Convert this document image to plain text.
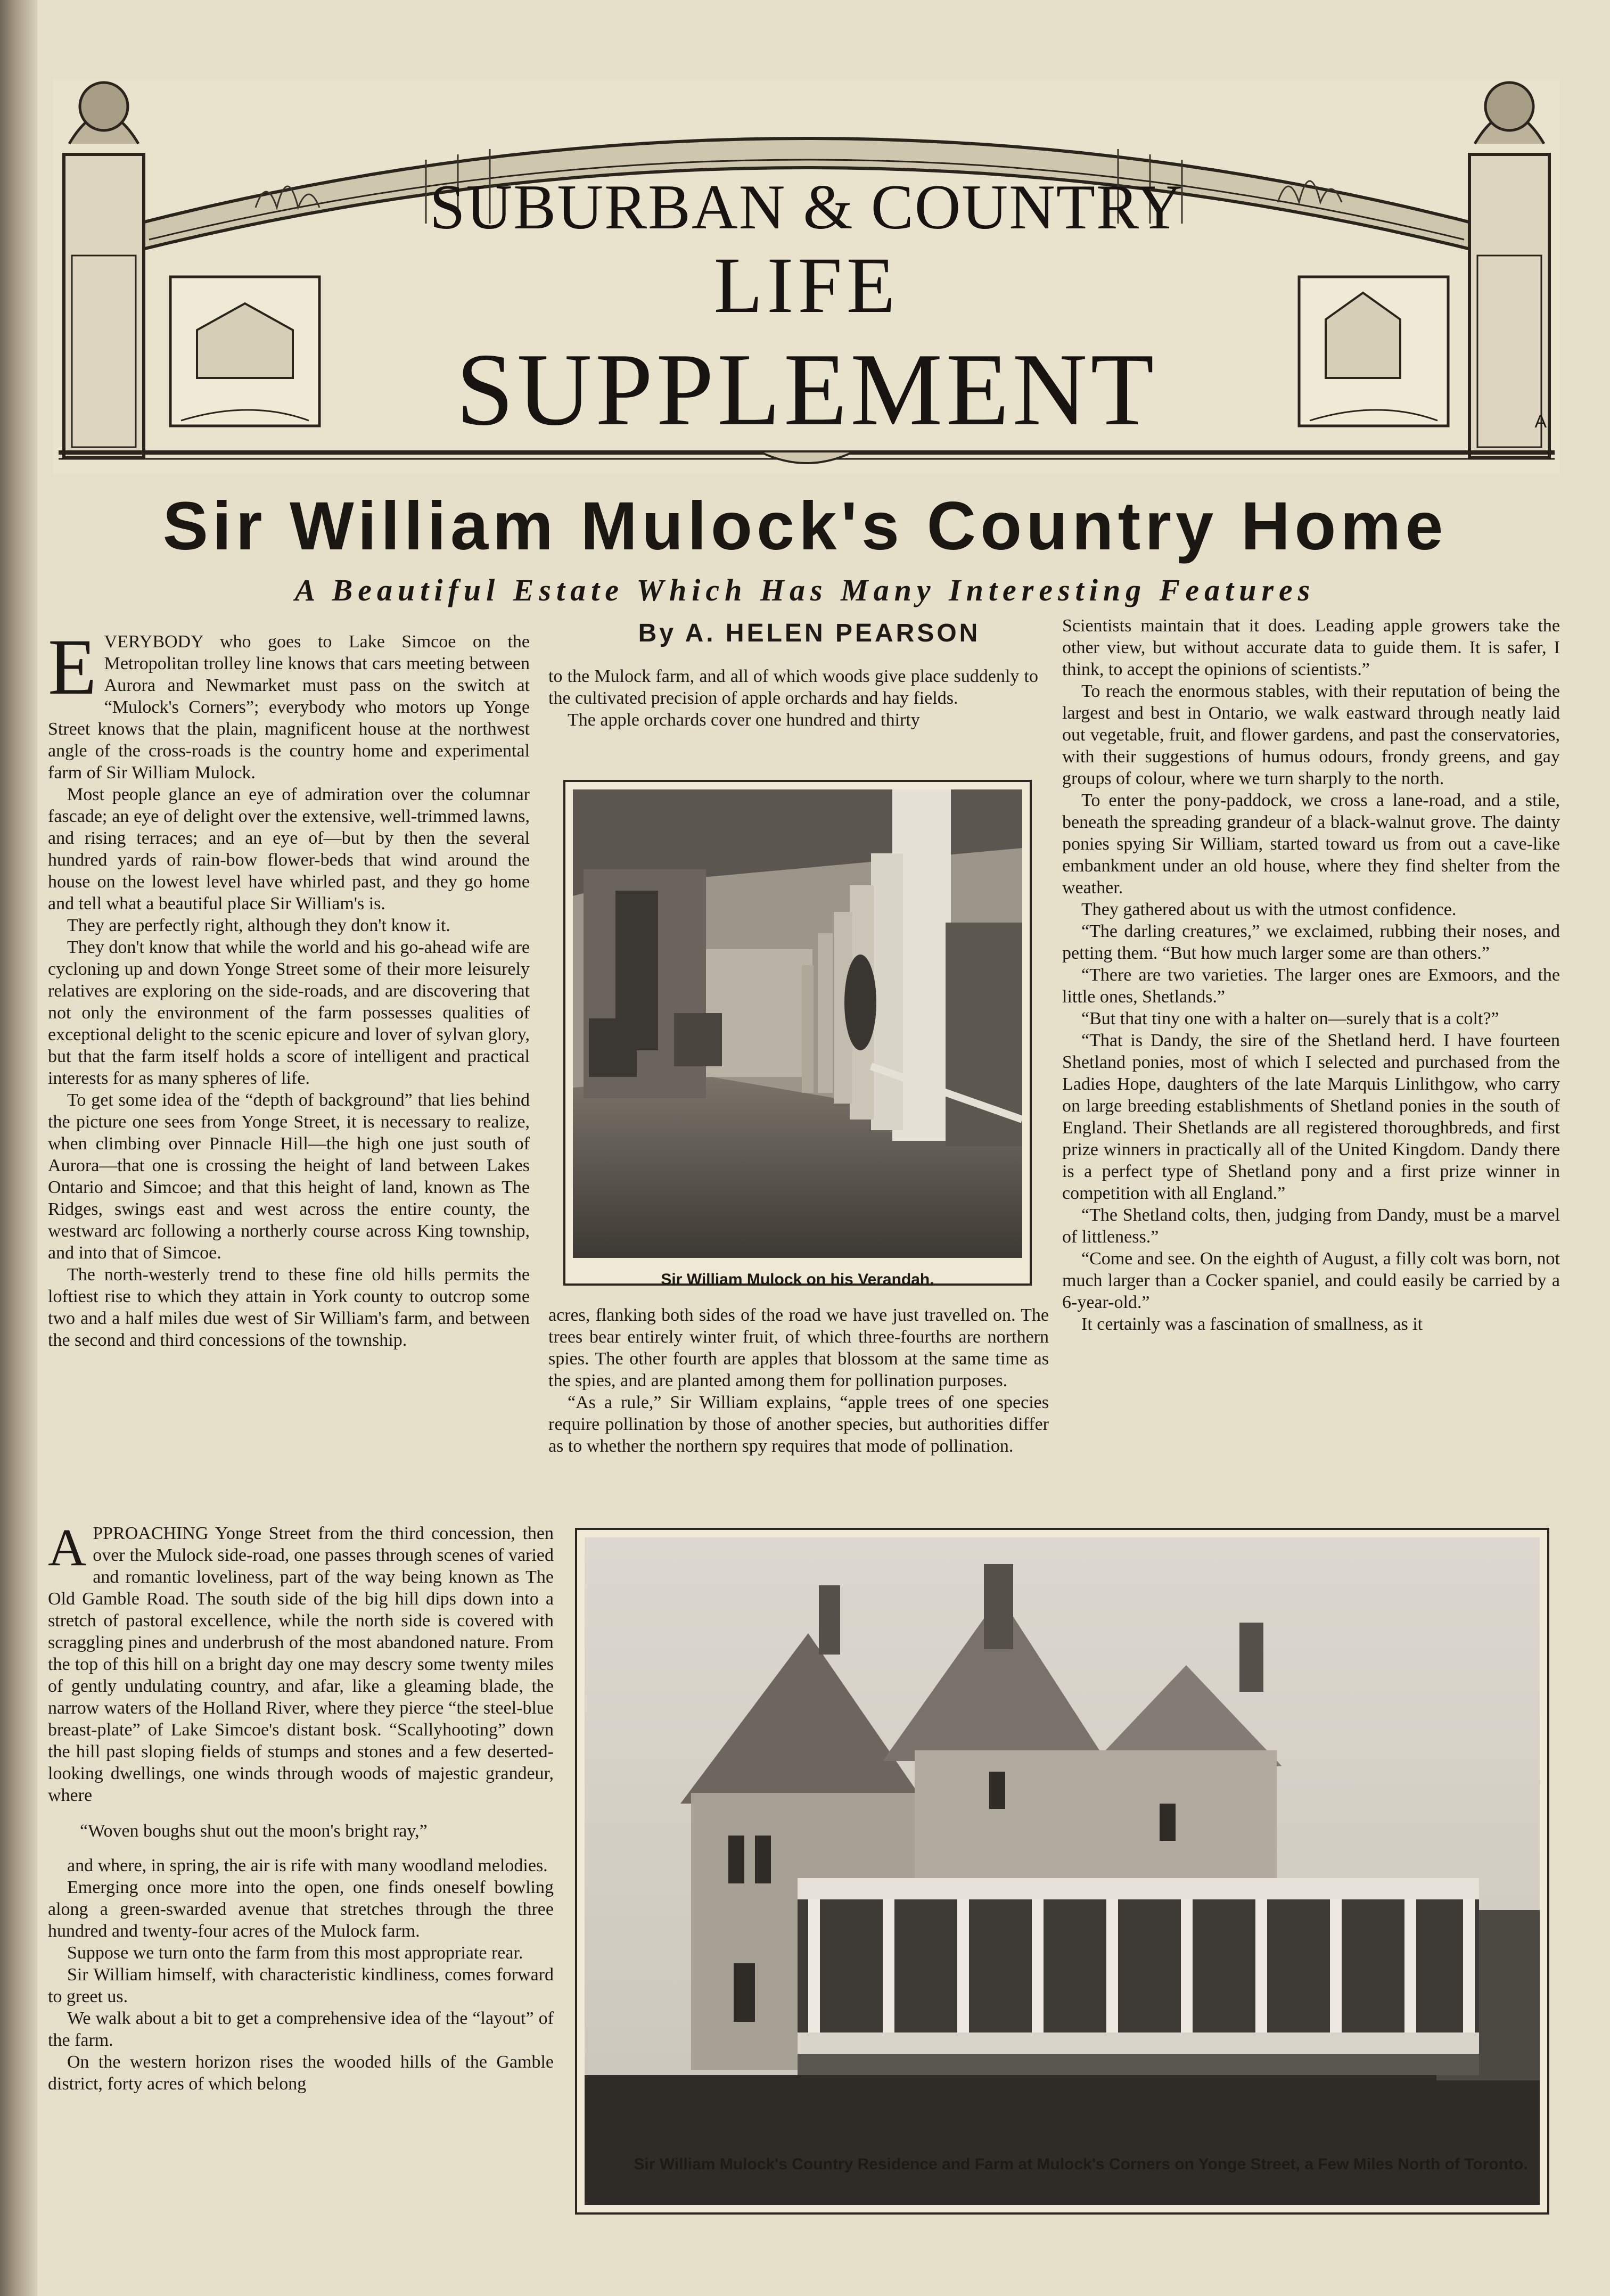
SUBURBAN & COUNTRY
LIFE
SUPPLEMENT	A
Sir William Mulock's Country Home
A Beautiful Estate Which Has Many Interesting Features
By A. HELEN PEARSON

EVERYBODY who goes to Lake Simcoe on the Metropolitan trolley line knows that cars meeting between Aurora and Newmarket must pass on the switch at “Mulock's Corners”; everybody who motors up Yonge Street knows that the plain, magnificent house at the northwest angle of the cross-roads is the country home and experimental farm of Sir William Mulock.

Most people glance an eye of admiration over the columnar fascade; an eye of delight over the extensive, well-trimmed lawns, and rising terraces; and an eye of—but by then the several hundred yards of rain-bow flower-beds that wind around the house on the lowest level have whirled past, and they go home and tell what a beautiful place Sir William's is.

They are perfectly right, although they don't know it.

They don't know that while the world and his go-ahead wife are cycloning up and down Yonge Street some of their more leisurely relatives are exploring on the side-roads, and are discovering that not only the environment of the farm possesses qualities of exceptional delight to the scenic epicure and lover of sylvan glory, but that the farm itself holds a score of intelligent and practical interests for as many spheres of life.

To get some idea of the “depth of background” that lies behind the picture one sees from Yonge Street, it is necessary to realize, when climbing over Pinnacle Hill—the high one just south of Aurora—that one is crossing the height of land between Lakes Ontario and Simcoe; and that this height of land, known as The Ridges, swings east and west across the entire county, the westward arc following a northerly course across King township, and into that of Simcoe.

The north-westerly trend to these fine old hills permits the loftiest rise to which they attain in York county to outcrop some two and a half miles due west of Sir William's farm, and between the second and third concessions of the township.

APPROACHING Yonge Street from the third concession, then over the Mulock side-road, one passes through scenes of varied and romantic loveliness, part of the way being known as The Old Gamble Road. The south side of the big hill dips down into a stretch of pastoral excellence, while the north side is covered with scraggling pines and underbrush of the most abandoned nature. From the top of this hill on a bright day one may descry some twenty miles of gently undulating country, and afar, like a gleaming blade, the narrow waters of the Holland River, where they pierce “the steel-blue breast-plate” of Lake Simcoe's distant bosk. “Scallyhooting” down the hill past sloping fields of stumps and stones and a few deserted-looking dwellings, one winds through woods of majestic grandeur, where

“Woven boughs shut out the moon's bright ray,”

and where, in spring, the air is rife with many woodland melodies.

Emerging once more into the open, one finds oneself bowling along a green-swarded avenue that stretches through the three hundred and twenty-four acres of the Mulock farm.

Suppose we turn onto the farm from this most appropriate rear.

Sir William himself, with characteristic kindliness, comes forward to greet us.

We walk about a bit to get a comprehensive idea of the “layout” of the farm.

On the western horizon rises the wooded hills of the Gamble district, forty acres of which belong

to the Mulock farm, and all of which woods give place suddenly to the cultivated precision of apple orchards and hay fields.

The apple orchards cover one hundred and thirty

Sir William Mulock on his Verandah.

acres, flanking both sides of the road we have just travelled on. The trees bear entirely winter fruit, of which three-fourths are northern spies. The other fourth are apples that blossom at the same time as the spies, and are planted among them for pollination purposes.

“As a rule,” Sir William explains, “apple trees of one species require pollination by those of another species, but authorities differ as to whether the northern spy requires that mode of pollination.

Scientists maintain that it does. Leading apple growers take the other view, but without accurate data to guide them. It is safer, I think, to accept the opinions of scientists.”

To reach the enormous stables, with their reputation of being the largest and best in Ontario, we walk eastward through neatly laid out vegetable, fruit, and flower gardens, and past the conservatories, with their suggestions of humus odours, frondy greens, and gay groups of colour, where we turn sharply to the north.

To enter the pony-paddock, we cross a lane-road, and a stile, beneath the spreading grandeur of a black-walnut grove. The dainty ponies spying Sir William, started toward us from out a cave-like embankment under an old house, where they find shelter from the weather.

They gathered about us with the utmost confidence.

“The darling creatures,” we exclaimed, rubbing their noses, and petting them. “But how much larger some are than others.”

“There are two varieties. The larger ones are Exmoors, and the little ones, Shetlands.”

“But that tiny one with a halter on—surely that is a colt?”

“That is Dandy, the sire of the Shetland herd. I have fourteen Shetland ponies, most of which I selected and purchased from the Ladies Hope, daughters of the late Marquis Linlithgow, who carry on large breeding establishments of Shetland ponies in the south of England. Their Shetlands are all registered thoroughbreds, and first prize winners in practically all of the United Kingdom. Dandy there is a perfect type of Shetland pony and a first prize winner in competition with all England.”

“The Shetland colts, then, judging from Dandy, must be a marvel of littleness.”

“Come and see. On the eighth of August, a filly colt was born, not much larger than a Cocker spaniel, and could easily be carried by a 6-year-old.”

It certainly was a fascination of smallness, as it

Sir William Mulock's Country Residence and Farm at Mulock's Corners on Yonge Street, a Few Miles North of Toronto.
